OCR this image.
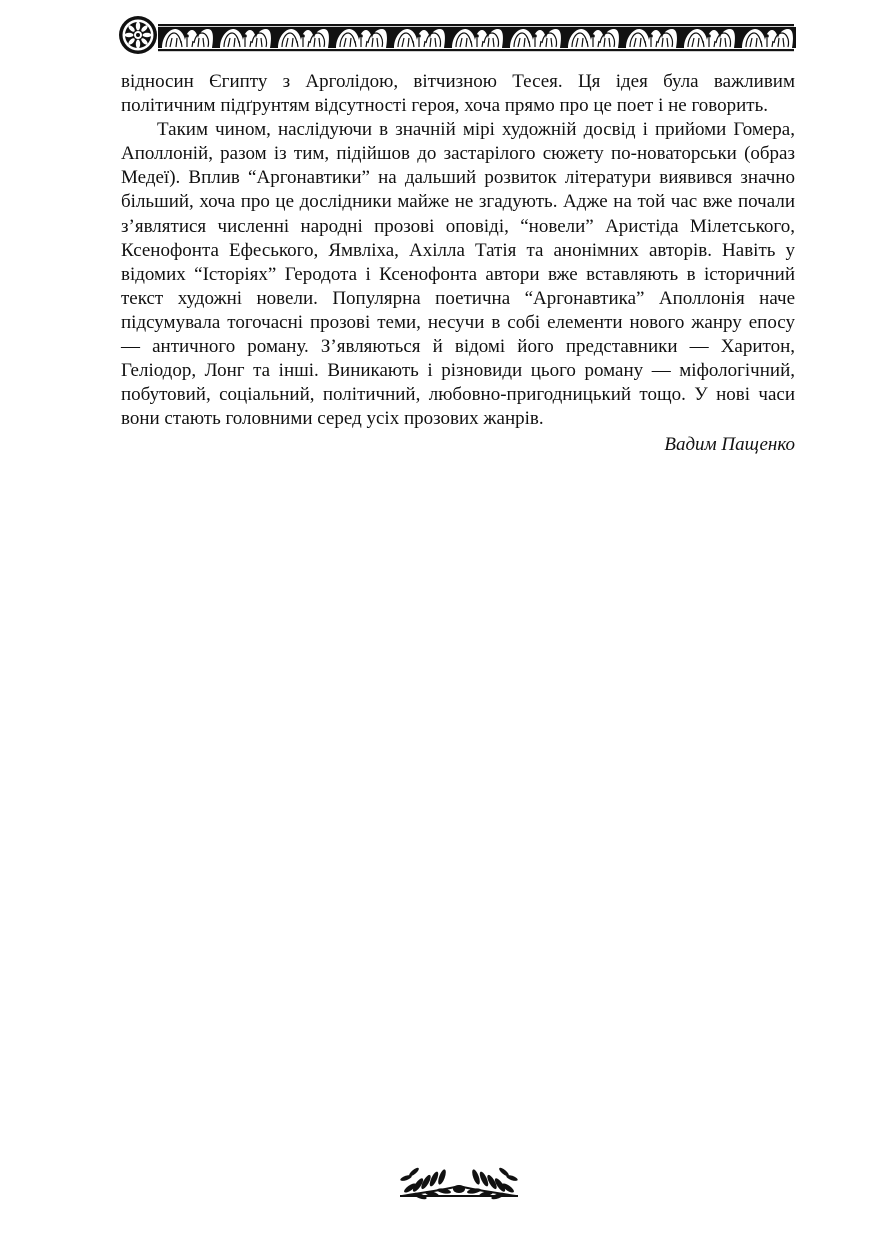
відносин Єгипту з Арголідою, вітчизною Тесея. Ця ідея була важливим політичним підґрунтям відсутності героя, хоча прямо про це поет і не говорить.

Таким чином, наслідуючи в значній мірі художній досвід і прийоми Гомера, Аполлоній, разом із тим, підійшов до застарілого сюжету по-новаторськи (образ Медеї). Вплив “Аргонавтики” на дальший розвиток літератури виявився значно більший, хоча про це дослідники майже не згадують. Адже на той час вже почали з’являтися численні народні прозові оповіді, “новели” Аристіда Мілетського, Ксенофонта Ефеського, Ямвліха, Ахілла Татія та анонімних авторів. Навіть у відомих “Історіях” Геродота і Ксенофонта автори вже вставляють в історичний текст художні новели. Популярна поетична “Аргонавтика” Аполлонія наче підсумувала тогочасні прозові теми, несучи в собі елементи нового жанру епосу — античного роману. З’являються й відомі його представники — Харитон, Геліодор, Лонг та інші. Виникають і різновиди цього роману — міфологічний, побутовий, соціальний, політичний, любовно-пригодницький тощо. У нові часи вони стають головними серед усіх прозових жанрів.

Вадим Пащенко
